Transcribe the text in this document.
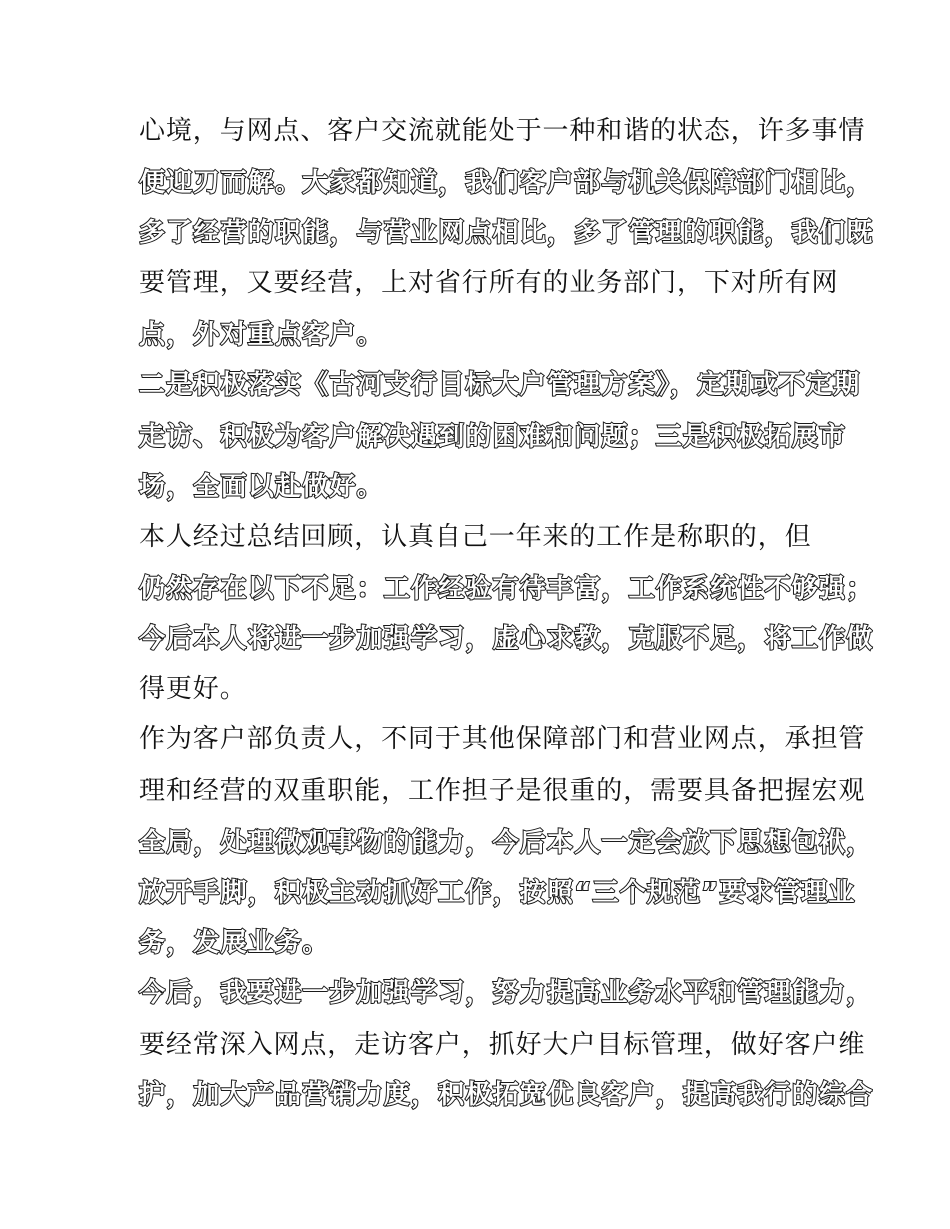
心境，与网点、客户交流就能处于一种和谐的状态，许多事情
便迎刃而解。大家都知道，我们客户部与机关保障部门相比，
多了经营的职能，与营业网点相比，多了管理的职能，我们既
要管理，又要经营，上对省行所有的业务部门，下对所有网
点，外对重点客户。
二是积极落实《古河支行目标大户管理方案》，定期或不定期
走访、积极为客户解决遇到的困难和问题；三是积极拓展市
场，全面以赴做好。
本人经过总结回顾，认真自己一年来的工作是称职的，但
仍然存在以下不足：工作经验有待丰富，工作系统性不够强；
今后本人将进一步加强学习，虚心求教，克服不足，将工作做
得更好。
作为客户部负责人，不同于其他保障部门和营业网点，承担管
理和经营的双重职能，工作担子是很重的，需要具备把握宏观
全局，处理微观事物的能力，今后本人一定会放下思想包袱，
放开手脚，积极主动抓好工作，按照“三个规范”要求管理业
务，发展业务。
今后，我要进一步加强学习，努力提高业务水平和管理能力，
要经常深入网点，走访客户，抓好大户目标管理，做好客户维
护，加大产品营销力度，积极拓宽优良客户，提高我行的综合
